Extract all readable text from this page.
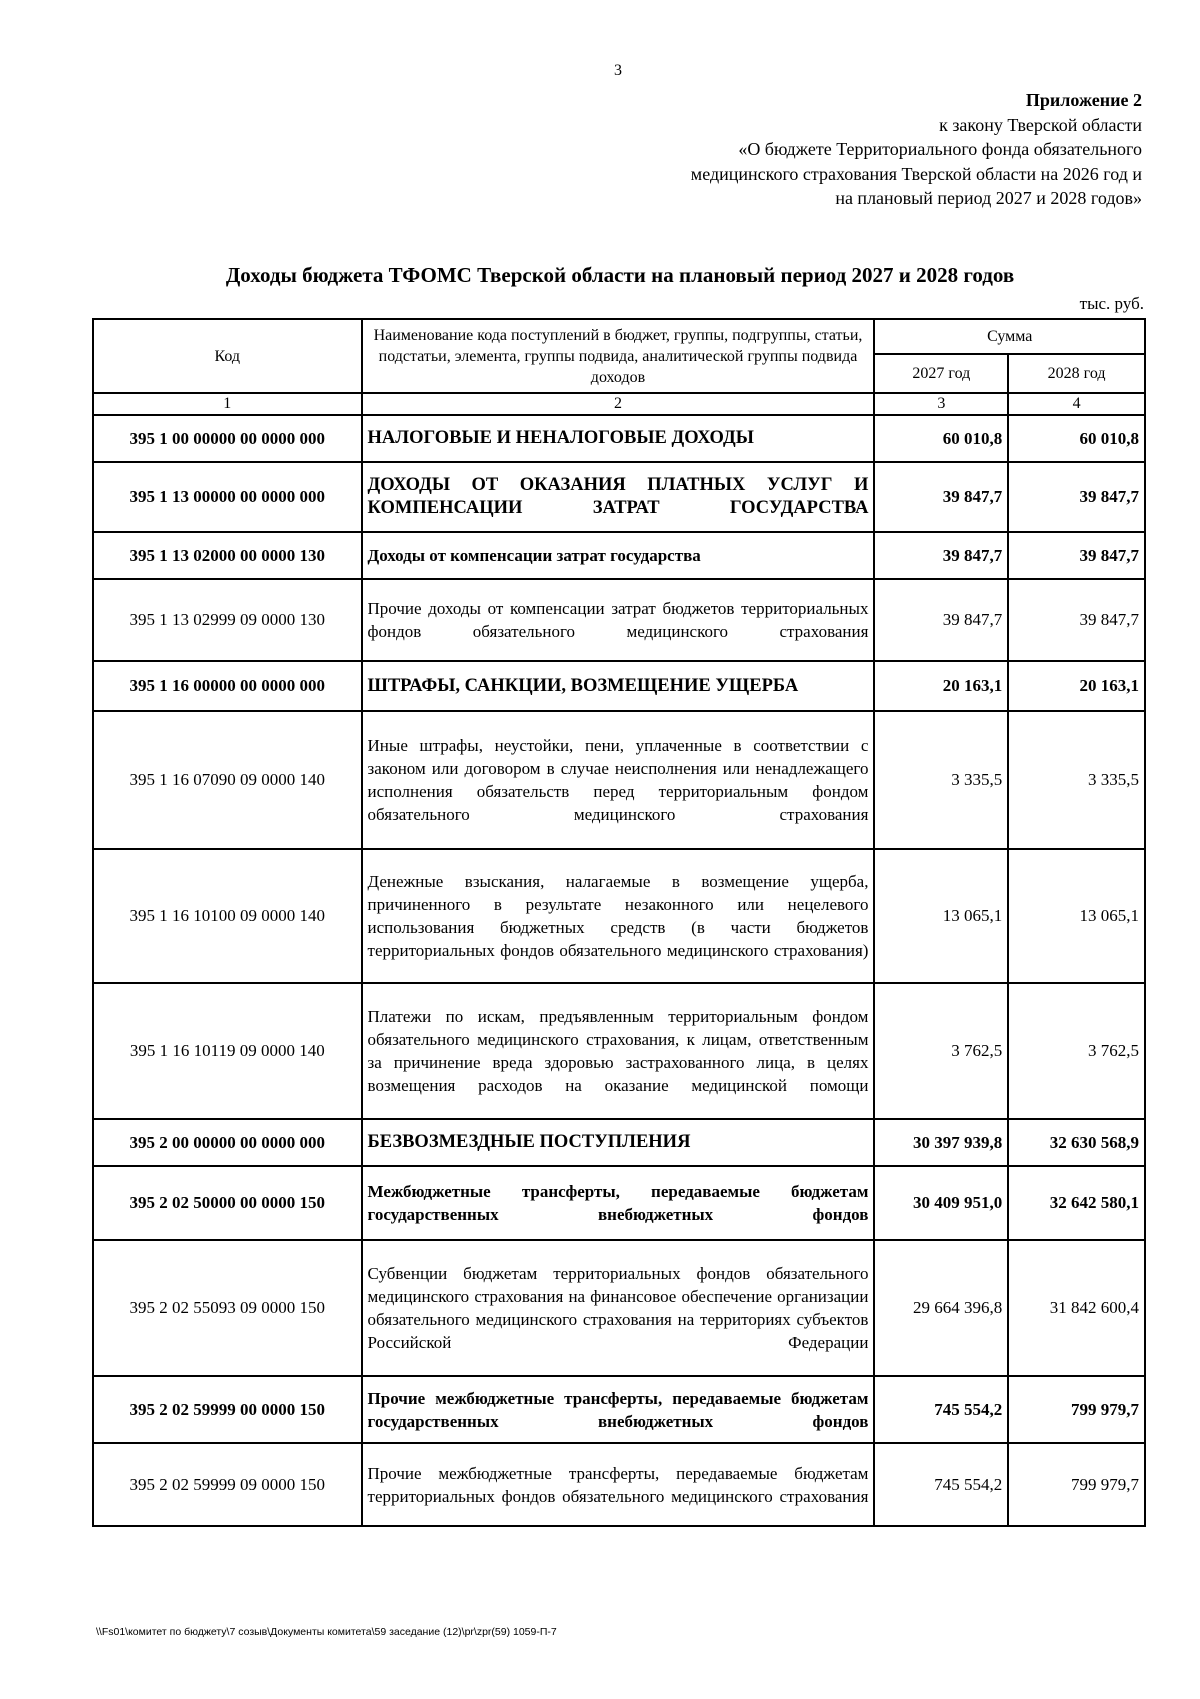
3
Приложение 2
к закону Тверской области
«О бюджете Территориального фонда обязательного
медицинского страхования Тверской области на 2026 год и
на плановый период 2027 и 2028 годов»
Доходы бюджета ТФОМС Тверской области на плановый период 2027 и 2028 годов
тыс. руб.
Код	Наименование кода поступлений в бюджет, группы, подгруппы, статьи, подстатьи, элемента, группы подвида, аналитической группы подвида доходов	Сумма	
		2027 год	2028 год
1	2	3	4
395 1 00 00000 00 0000 000	НАЛОГОВЫЕ И НЕНАЛОГОВЫЕ ДОХОДЫ	60 010,8	60 010,8
395 1 13 00000 00 0000 000	ДОХОДЫ ОТ ОКАЗАНИЯ ПЛАТНЫХ УСЛУГ И КОМПЕНСАЦИИ ЗАТРАТ ГОСУДАРСТВА	39 847,7	39 847,7
395 1 13 02000 00 0000 130	Доходы от компенсации затрат государства	39 847,7	39 847,7
395 1 13 02999 09 0000 130	Прочие доходы от компенсации затрат бюджетов территориальных фондов обязательного медицинского страхования	39 847,7	39 847,7
395 1 16 00000 00 0000 000	ШТРАФЫ, САНКЦИИ, ВОЗМЕЩЕНИЕ УЩЕРБА	20 163,1	20 163,1
395 1 16 07090 09 0000 140	Иные штрафы, неустойки, пени, уплаченные в соответствии с законом или договором в случае неисполнения или ненадлежащего исполнения обязательств перед территориальным фондом обязательного медицинского страхования	3 335,5	3 335,5
395 1 16 10100 09 0000 140	Денежные взыскания, налагаемые в возмещение ущерба, причиненного в результате незаконного или нецелевого использования бюджетных средств (в части бюджетов территориальных фондов обязательного медицинского страхования)	13 065,1	13 065,1
395 1 16 10119 09 0000 140	Платежи по искам, предъявленным территориальным фондом обязательного медицинского страхования, к лицам, ответственным за причинение вреда здоровью застрахованного лица, в целях возмещения расходов на оказание медицинской помощи	3 762,5	3 762,5
395 2 00 00000 00 0000 000	БЕЗВОЗМЕЗДНЫЕ ПОСТУПЛЕНИЯ	30 397 939,8	32 630 568,9
395 2 02 50000 00 0000 150	Межбюджетные трансферты, передаваемые бюджетам государственных внебюджетных фондов	30 409 951,0	32 642 580,1
395 2 02 55093 09 0000 150	Субвенции бюджетам территориальных фондов обязательного медицинского страхования на финансовое обеспечение организации обязательного медицинского страхования на территориях субъектов Российской Федерации	29 664 396,8	31 842 600,4
395 2 02 59999 00 0000 150	Прочие межбюджетные трансферты, передаваемые бюджетам государственных внебюджетных фондов	745 554,2	799 979,7
395 2 02 59999 09 0000 150	Прочие межбюджетные трансферты, передаваемые бюджетам территориальных фондов обязательного медицинского страхования	745 554,2	799 979,7
\\Fs01\комитет по бюджету\7 созыв\Документы комитета\59 заседание (12)\pr\zpr(59) 1059-П-7
